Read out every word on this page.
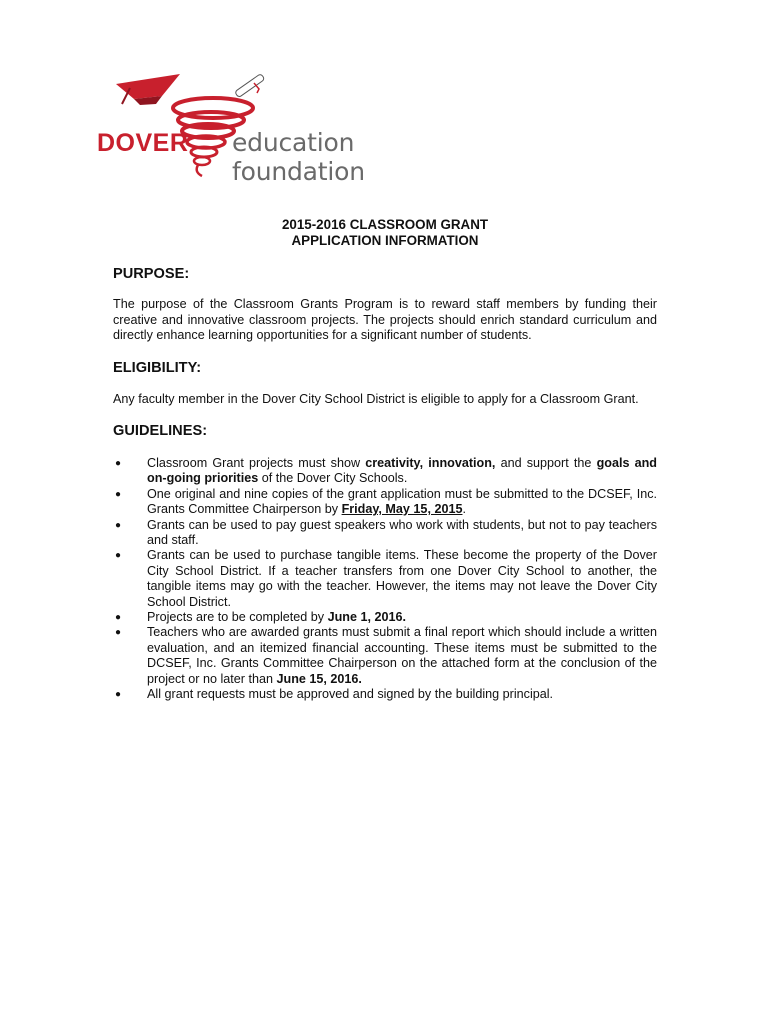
DOVER education foundation
2015-2016 CLASSROOM GRANT
APPLICATION INFORMATION
PURPOSE:
The purpose of the Classroom Grants Program is to reward staff members by funding their creative and innovative classroom projects. The projects should enrich standard curriculum and directly enhance learning opportunities for a significant number of students.
ELIGIBILITY:
Any faculty member in the Dover City School District is eligible to apply for a Classroom Grant.
GUIDELINES:
● Classroom Grant projects must show creativity, innovation, and support the goals and on-going priorities of the Dover City Schools.
● One original and nine copies of the grant application must be submitted to the DCSEF, Inc. Grants Committee Chairperson by Friday, May 15, 2015.
● Grants can be used to pay guest speakers who work with students, but not to pay teachers and staff.
● Grants can be used to purchase tangible items. These become the property of the Dover City School District. If a teacher transfers from one Dover City School to another, the tangible items may go with the teacher. However, the items may not leave the Dover City School District.
● Projects are to be completed by June 1, 2016.
● Teachers who are awarded grants must submit a final report which should include a written evaluation, and an itemized financial accounting. These items must be submitted to the DCSEF, Inc. Grants Committee Chairperson on the attached form at the conclusion of the project or no later than June 15, 2016.
● All grant requests must be approved and signed by the building principal.
